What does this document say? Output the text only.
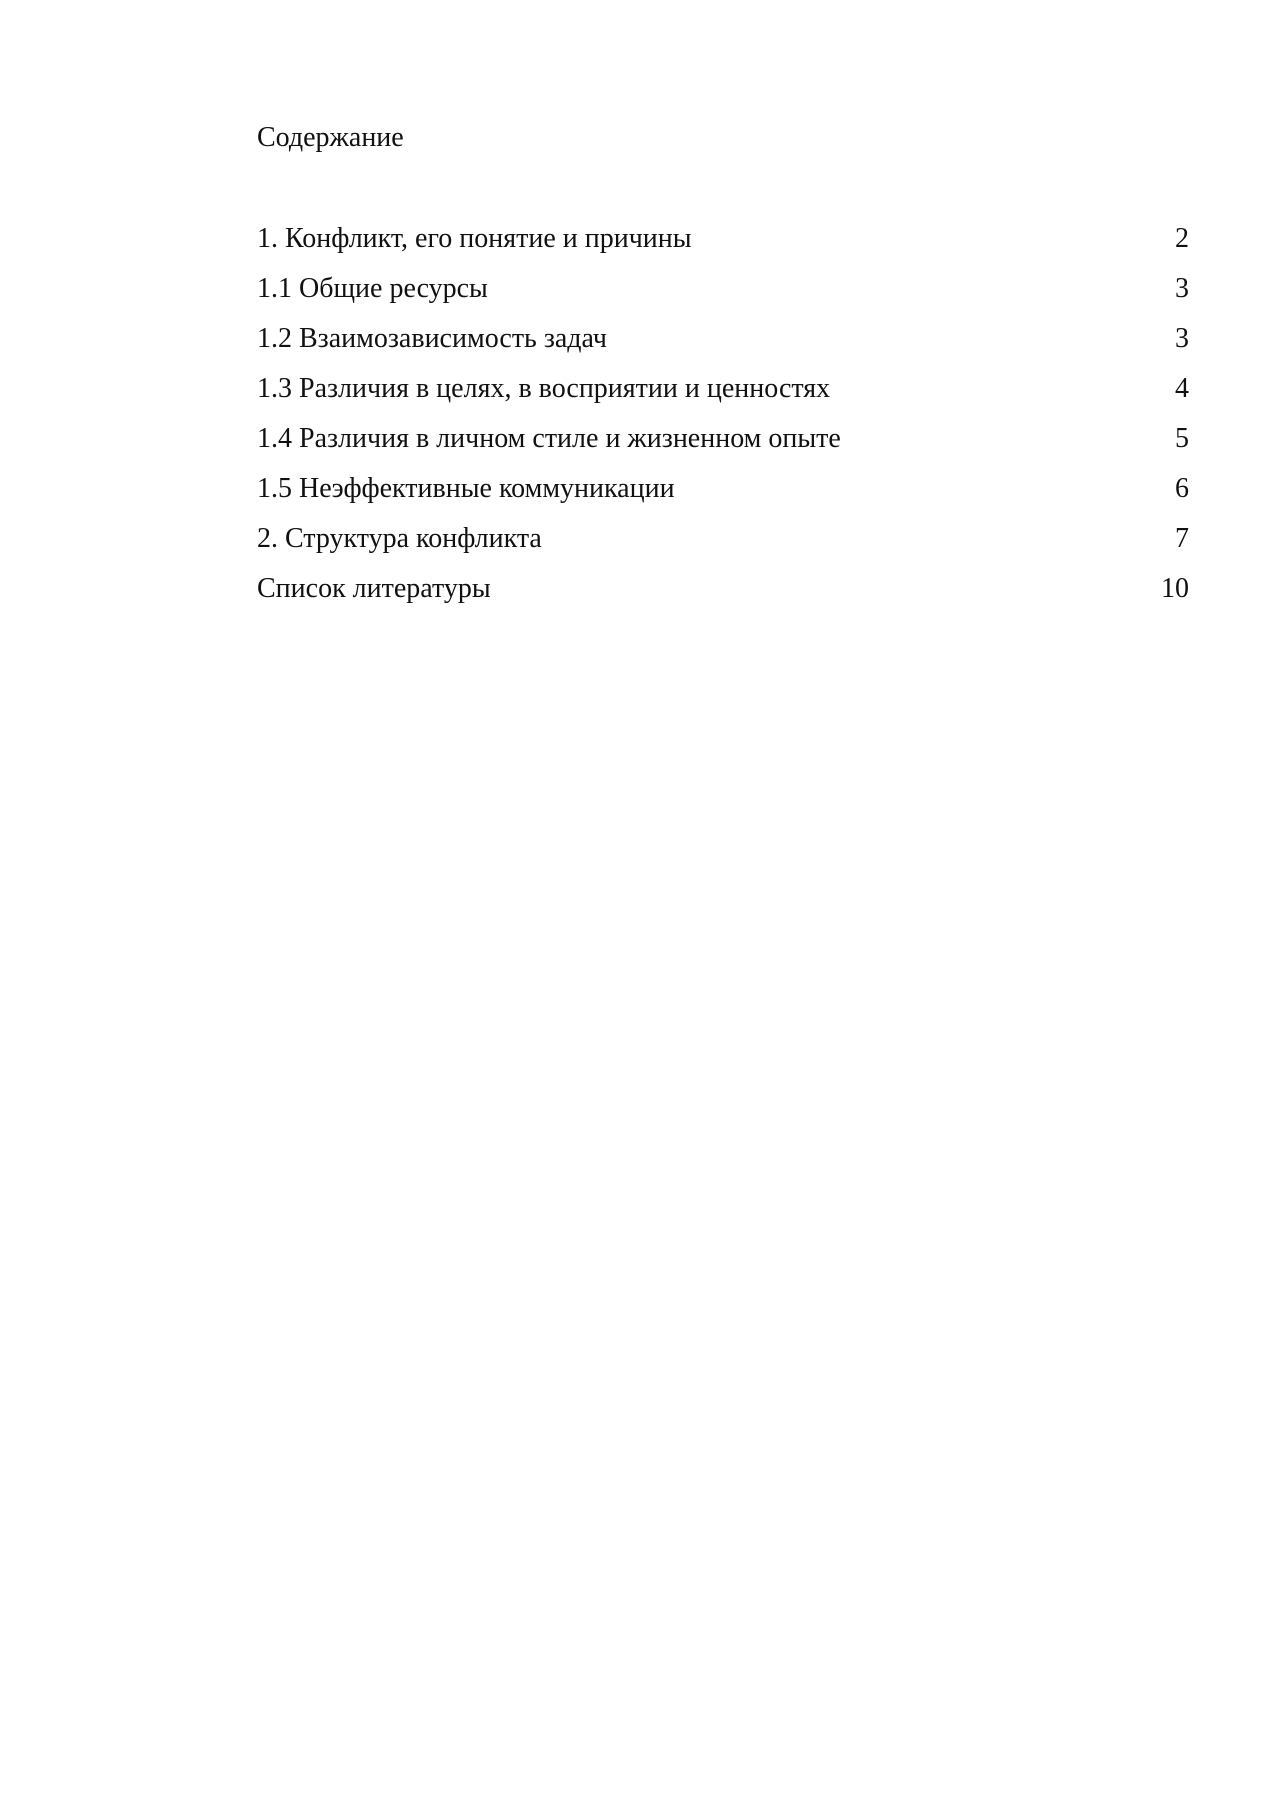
Содержание
1. Конфликт, его понятие и причины	2
1.1 Общие ресурсы	3
1.2 Взаимозависимость задач	3
1.3 Различия в целях, в восприятии и ценностях	4
1.4 Различия в личном стиле и жизненном опыте	5
1.5 Неэффективные коммуникации	6
2. Структура конфликта	7
Список литературы	10
